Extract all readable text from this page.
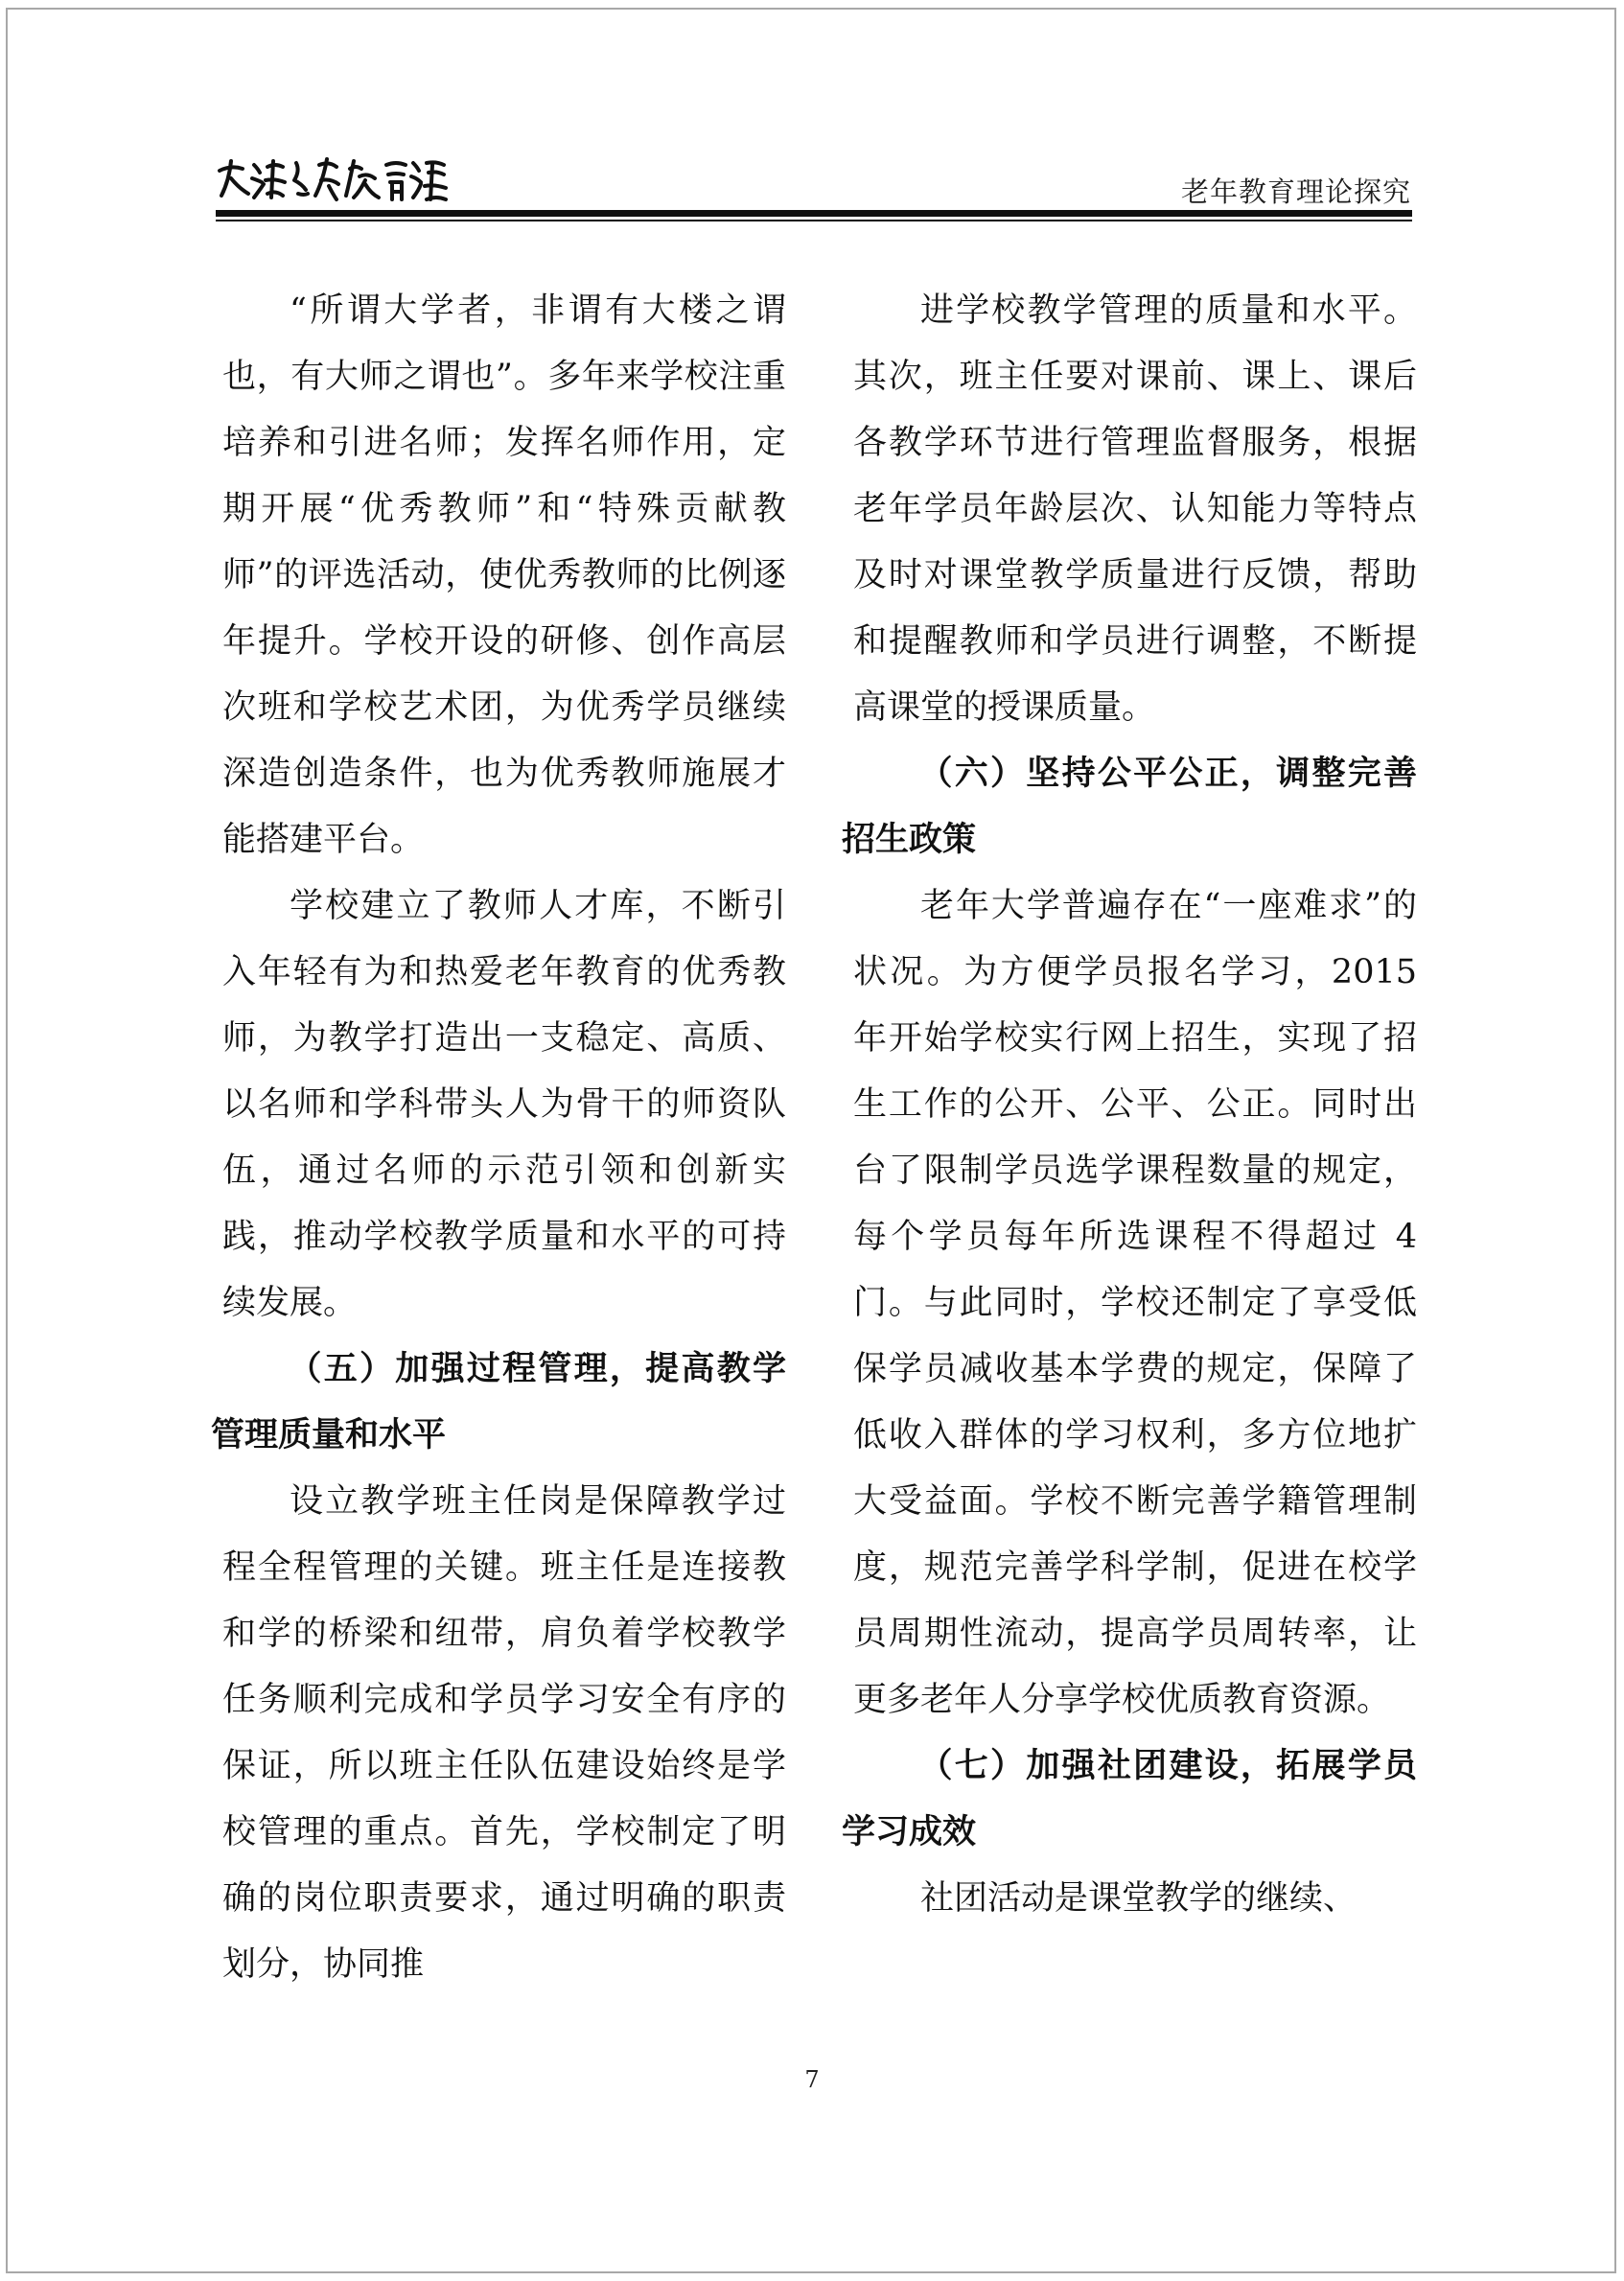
老年教育理论探究

“所谓大学者，非谓有大楼之谓也，有大师之谓也”。多年来学校注重培养和引进名师；发挥名师作用，定期开展“优秀教师”和“特殊贡献教师”的评选活动，使优秀教师的比例逐年提升。学校开设的研修、创作高层次班和学校艺术团，为优秀学员继续深造创造条件，也为优秀教师施展才能搭建平台。

学校建立了教师人才库，不断引入年轻有为和热爱老年教育的优秀教师，为教学打造出一支稳定、高质、以名师和学科带头人为骨干的师资队伍，通过名师的示范引领和创新实践，推动学校教学质量和水平的可持续发展。

（五）加强过程管理，提高教学管理质量和水平

设立教学班主任岗是保障教学过程全程管理的关键。班主任是连接教和学的桥梁和纽带，肩负着学校教学任务顺利完成和学员学习安全有序的保证，所以班主任队伍建设始终是学校管理的重点。首先，学校制定了明确的岗位职责要求，通过明确的职责划分，协同推

进学校教学管理的质量和水平。其次，班主任要对课前、课上、课后各教学环节进行管理监督服务，根据老年学员年龄层次、认知能力等特点及时对课堂教学质量进行反馈，帮助和提醒教师和学员进行调整，不断提高课堂的授课质量。

（六）坚持公平公正，调整完善招生政策

老年大学普遍存在“一座难求”的状况。为方便学员报名学习，2015 年开始学校实行网上招生，实现了招生工作的公开、公平、公正。同时出台了限制学员选学课程数量的规定，每个学员每年所选课程不得超过 4 门。与此同时，学校还制定了享受低保学员减收基本学费的规定，保障了低收入群体的学习权利，多方位地扩大受益面。学校不断完善学籍管理制度，规范完善学科学制，促进在校学员周期性流动，提高学员周转率，让更多老年人分享学校优质教育资源。

（七）加强社团建设，拓展学员学习成效

社团活动是课堂教学的继续、

7
